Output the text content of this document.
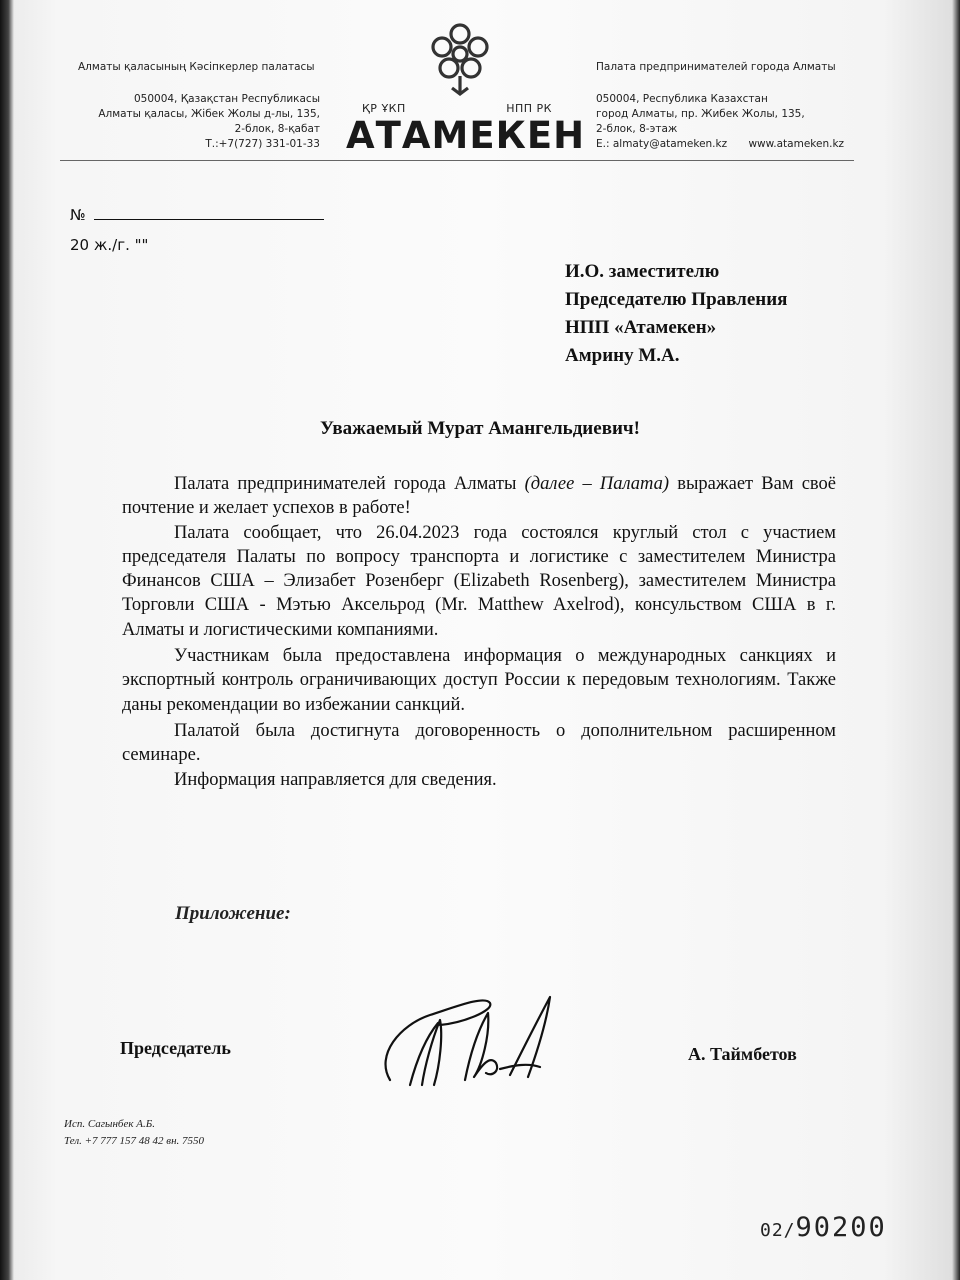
Алматы қаласының Кәсіпкерлер палатасы
050004, Қазақстан Республикасы
Алматы қаласы, Жібек Жолы д-лы, 135,
2-блок, 8-қабат
Т.:+7(727) 331-01-33
ҚР ҰКП	НПП РК
АТАМЕКЕН
Палата предпринимателей города Алматы
050004, Республика Казахстан
город Алматы, пр. Жибек Жолы, 135,
2-блок, 8-этаж
E.: almaty@atameken.kz www.atameken.kz
№
20 ж./г. ""
И.О. заместителю
Председателю Правления
НПП «Атамекен»
Амрину М.А.
Уважаемый Мурат Амангельдиевич!

Палата предпринимателей города Алматы (далее – Палата) выражает Вам своё почтение и желает успехов в работе!

Палата сообщает, что 26.04.2023 года состоялся круглый стол с участием председателя Палаты по вопросу транспорта и логистике с заместителем Министра Финансов США – Элизабет Розенберг (Elizabeth Rosenberg), заместителем Министра Торговли США - Мэтью Аксельрод (Mr. Matthew Axelrod), консульством США в г. Алматы и логистическими компаниями.

Участникам была предоставлена информация о международных санкциях и экспортный контроль ограничивающих доступ России к передовым технологиям. Также даны рекомендации во избежании санкций.

Палатой была достигнута договоренность о дополнительном расширенном семинаре.

Информация направляется для сведения.

Приложение:
Председатель	А. Таймбетов
Исп. Сагынбек А.Б.
Тел. +7 777 157 48 42 вн. 7550
02/90200
